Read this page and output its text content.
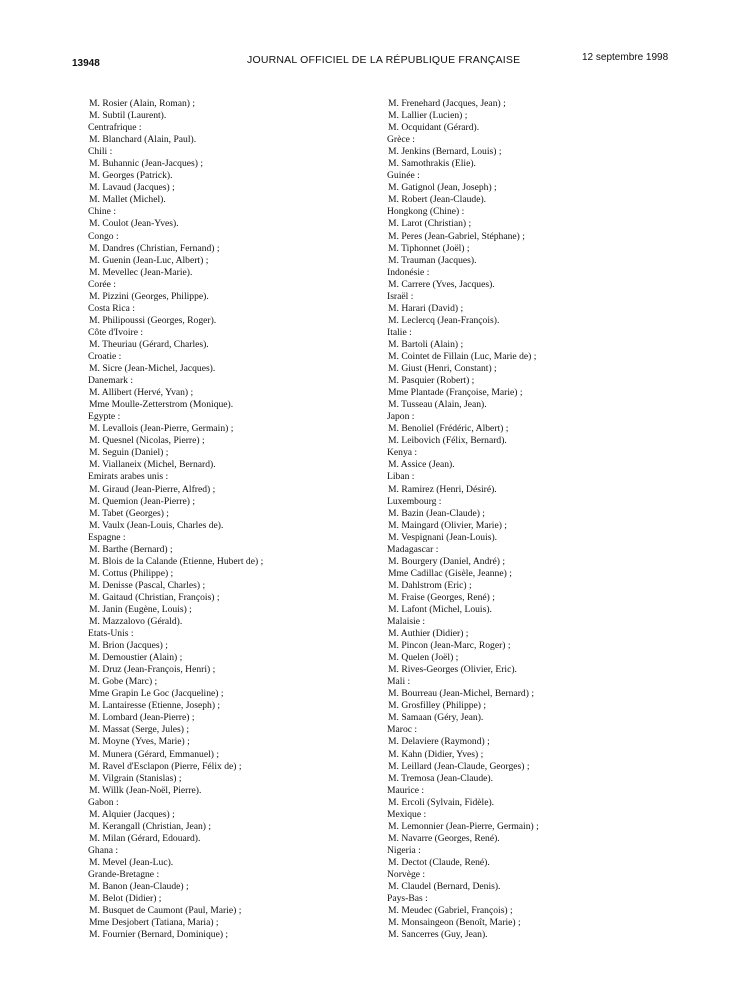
13948	JOURNAL OFFICIEL DE LA RÉPUBLIQUE FRANÇAISE	12 septembre 1998
M. Rosier (Alain, Roman) ;
M. Subtil (Laurent).
Centrafrique :
M. Blanchard (Alain, Paul).
Chili :
M. Buhannic (Jean-Jacques) ;
M. Georges (Patrick).
M. Lavaud (Jacques) ;
M. Mallet (Michel).
Chine :
M. Coulot (Jean-Yves).
Congo :
M. Dandres (Christian, Fernand) ;
M. Guenin (Jean-Luc, Albert) ;
M. Mevellec (Jean-Marie).
Corée :
M. Pizzini (Georges, Philippe).
Costa Rica :
M. Philipoussi (Georges, Roger).
Côte d'Ivoire :
M. Theuriau (Gérard, Charles).
Croatie :
M. Sicre (Jean-Michel, Jacques).
Danemark :
M. Allibert (Hervé, Yvan) ;
Mme Moulle-Zetterstrom (Monique).
Egypte :
M. Levallois (Jean-Pierre, Germain) ;
M. Quesnel (Nicolas, Pierre) ;
M. Seguin (Daniel) ;
M. Viallaneix (Michel, Bernard).
Emirats arabes unis :
M. Giraud (Jean-Pierre, Alfred) ;
M. Quemion (Jean-Pierre) ;
M. Tabet (Georges) ;
M. Vaulx (Jean-Louis, Charles de).
Espagne :
M. Barthe (Bernard) ;
M. Blois de la Calande (Etienne, Hubert de) ;
M. Cottus (Philippe) ;
M. Denisse (Pascal, Charles) ;
M. Gaitaud (Christian, François) ;
M. Janin (Eugène, Louis) ;
M. Mazzalovo (Gérald).
Etats-Unis :
M. Brion (Jacques) ;
M. Demoustier (Alain) ;
M. Druz (Jean-François, Henri) ;
M. Gobe (Marc) ;
Mme Grapin Le Goc (Jacqueline) ;
M. Lantairesse (Etienne, Joseph) ;
M. Lombard (Jean-Pierre) ;
M. Massat (Serge, Jules) ;
M. Moyne (Yves, Marie) ;
M. Munera (Gérard, Emmanuel) ;
M. Ravel d'Esclapon (Pierre, Félix de) ;
M. Vilgrain (Stanislas) ;
M. Willk (Jean-Noël, Pierre).
Gabon :
M. Alquier (Jacques) ;
M. Kerangall (Christian, Jean) ;
M. Milan (Gérard, Edouard).
Ghana :
M. Mevel (Jean-Luc).
Grande-Bretagne :
M. Banon (Jean-Claude) ;
M. Belot (Didier) ;
M. Busquet de Caumont (Paul, Marie) ;
Mme Desjobert (Tatiana, Maria) ;
M. Fournier (Bernard, Dominique) ;
M. Frenehard (Jacques, Jean) ;
M. Lallier (Lucien) ;
M. Ocquidant (Gérard).
Grèce :
M. Jenkins (Bernard, Louis) ;
M. Samothrakis (Elie).
Guinée :
M. Gatignol (Jean, Joseph) ;
M. Robert (Jean-Claude).
Hongkong (Chine) :
M. Larot (Christian) ;
M. Peres (Jean-Gabriel, Stéphane) ;
M. Tiphonnet (Joël) ;
M. Trauman (Jacques).
Indonésie :
M. Carrere (Yves, Jacques).
Israël :
M. Harari (David) ;
M. Leclercq (Jean-François).
Italie :
M. Bartoli (Alain) ;
M. Cointet de Fillain (Luc, Marie de) ;
M. Giust (Henri, Constant) ;
M. Pasquier (Robert) ;
Mme Plantade (Françoise, Marie) ;
M. Tusseau (Alain, Jean).
Japon :
M. Benoliel (Frédéric, Albert) ;
M. Leibovich (Félix, Bernard).
Kenya :
M. Assice (Jean).
Liban :
M. Ramirez (Henri, Désiré).
Luxembourg :
M. Bazin (Jean-Claude) ;
M. Maingard (Olivier, Marie) ;
M. Vespignani (Jean-Louis).
Madagascar :
M. Bourgery (Daniel, André) ;
Mme Cadillac (Gisèle, Jeanne) ;
M. Dahlstrom (Eric) ;
M. Fraise (Georges, René) ;
M. Lafont (Michel, Louis).
Malaisie :
M. Authier (Didier) ;
M. Pincon (Jean-Marc, Roger) ;
M. Quelen (Joël) ;
M. Rives-Georges (Olivier, Eric).
Mali :
M. Bourreau (Jean-Michel, Bernard) ;
M. Grosfilley (Philippe) ;
M. Samaan (Géry, Jean).
Maroc :
M. Delaviere (Raymond) ;
M. Kahn (Didier, Yves) ;
M. Leillard (Jean-Claude, Georges) ;
M. Tremosa (Jean-Claude).
Maurice :
M. Ercoli (Sylvain, Fidèle).
Mexique :
M. Lemonnier (Jean-Pierre, Germain) ;
M. Navarre (Georges, René).
Nigeria :
M. Dectot (Claude, René).
Norvège :
M. Claudel (Bernard, Denis).
Pays-Bas :
M. Meudec (Gabriel, François) ;
M. Monsaingeon (Benoît, Marie) ;
M. Sancerres (Guy, Jean).
